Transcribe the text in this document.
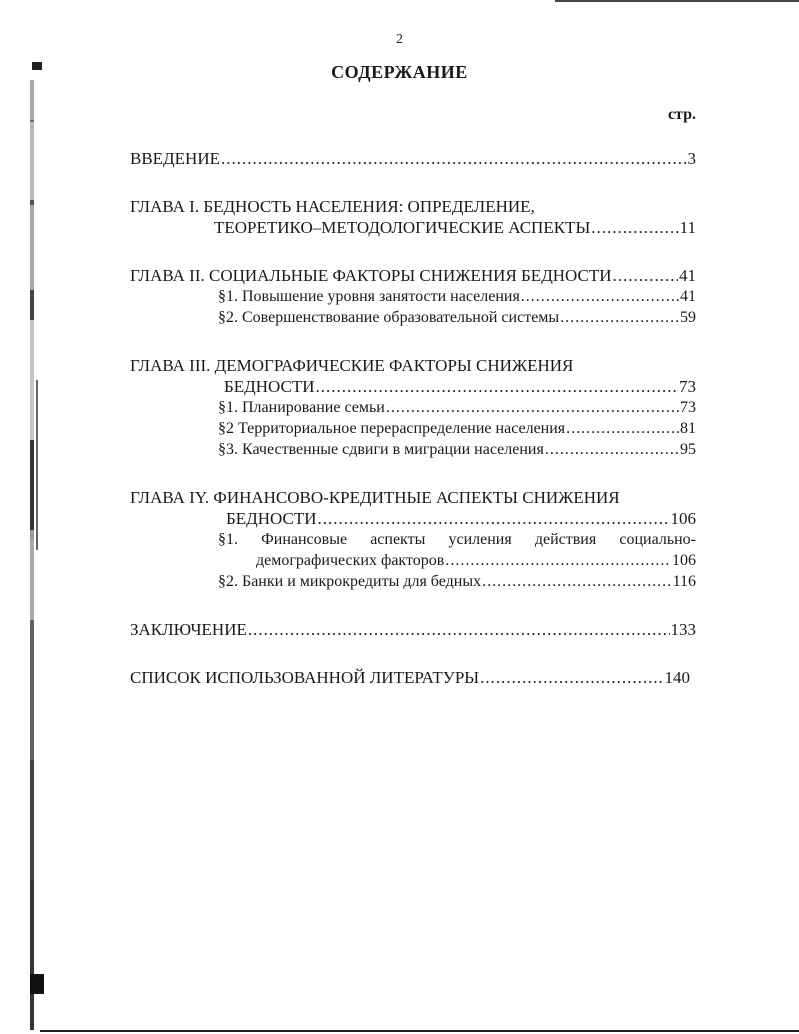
2
СОДЕРЖАНИЕ
стр.
ВВЕДЕНИЕ .....	3
ГЛАВА I. БЕДНОСТЬ НАСЕЛЕНИЯ: ОПРЕДЕЛЕНИЕ,
ТЕОРЕТИКО–МЕТОДОЛОГИЧЕСКИЕ АСПЕКТЫ .....	11
ГЛАВА II. СОЦИАЛЬНЫЕ ФАКТОРЫ СНИЖЕНИЯ БЕДНОСТИ .....	41
§1. Повышение уровня занятости населения .....	41
§2. Совершенствование образовательной системы .....	59
ГЛАВА III. ДЕМОГРАФИЧЕСКИЕ ФАКТОРЫ СНИЖЕНИЯ
БЕДНОСТИ .....	73
§1. Планирование семьи .....	73
§2 Территориальное перераспределение населения .....	81
§3. Качественные сдвиги в миграции населения .....	95
ГЛАВА IY. ФИНАНСОВО-КРЕДИТНЫЕ АСПЕКТЫ СНИЖЕНИЯ
БЕДНОСТИ .....	106
§1. Финансовые аспекты усиления действия социально-
демографических факторов .....	106
§2. Банки и микрокредиты для бедных .....	116
ЗАКЛЮЧЕНИЕ .....	133
СПИСОК ИСПОЛЬЗОВАННОЙ ЛИТЕРАТУРЫ .....	140
